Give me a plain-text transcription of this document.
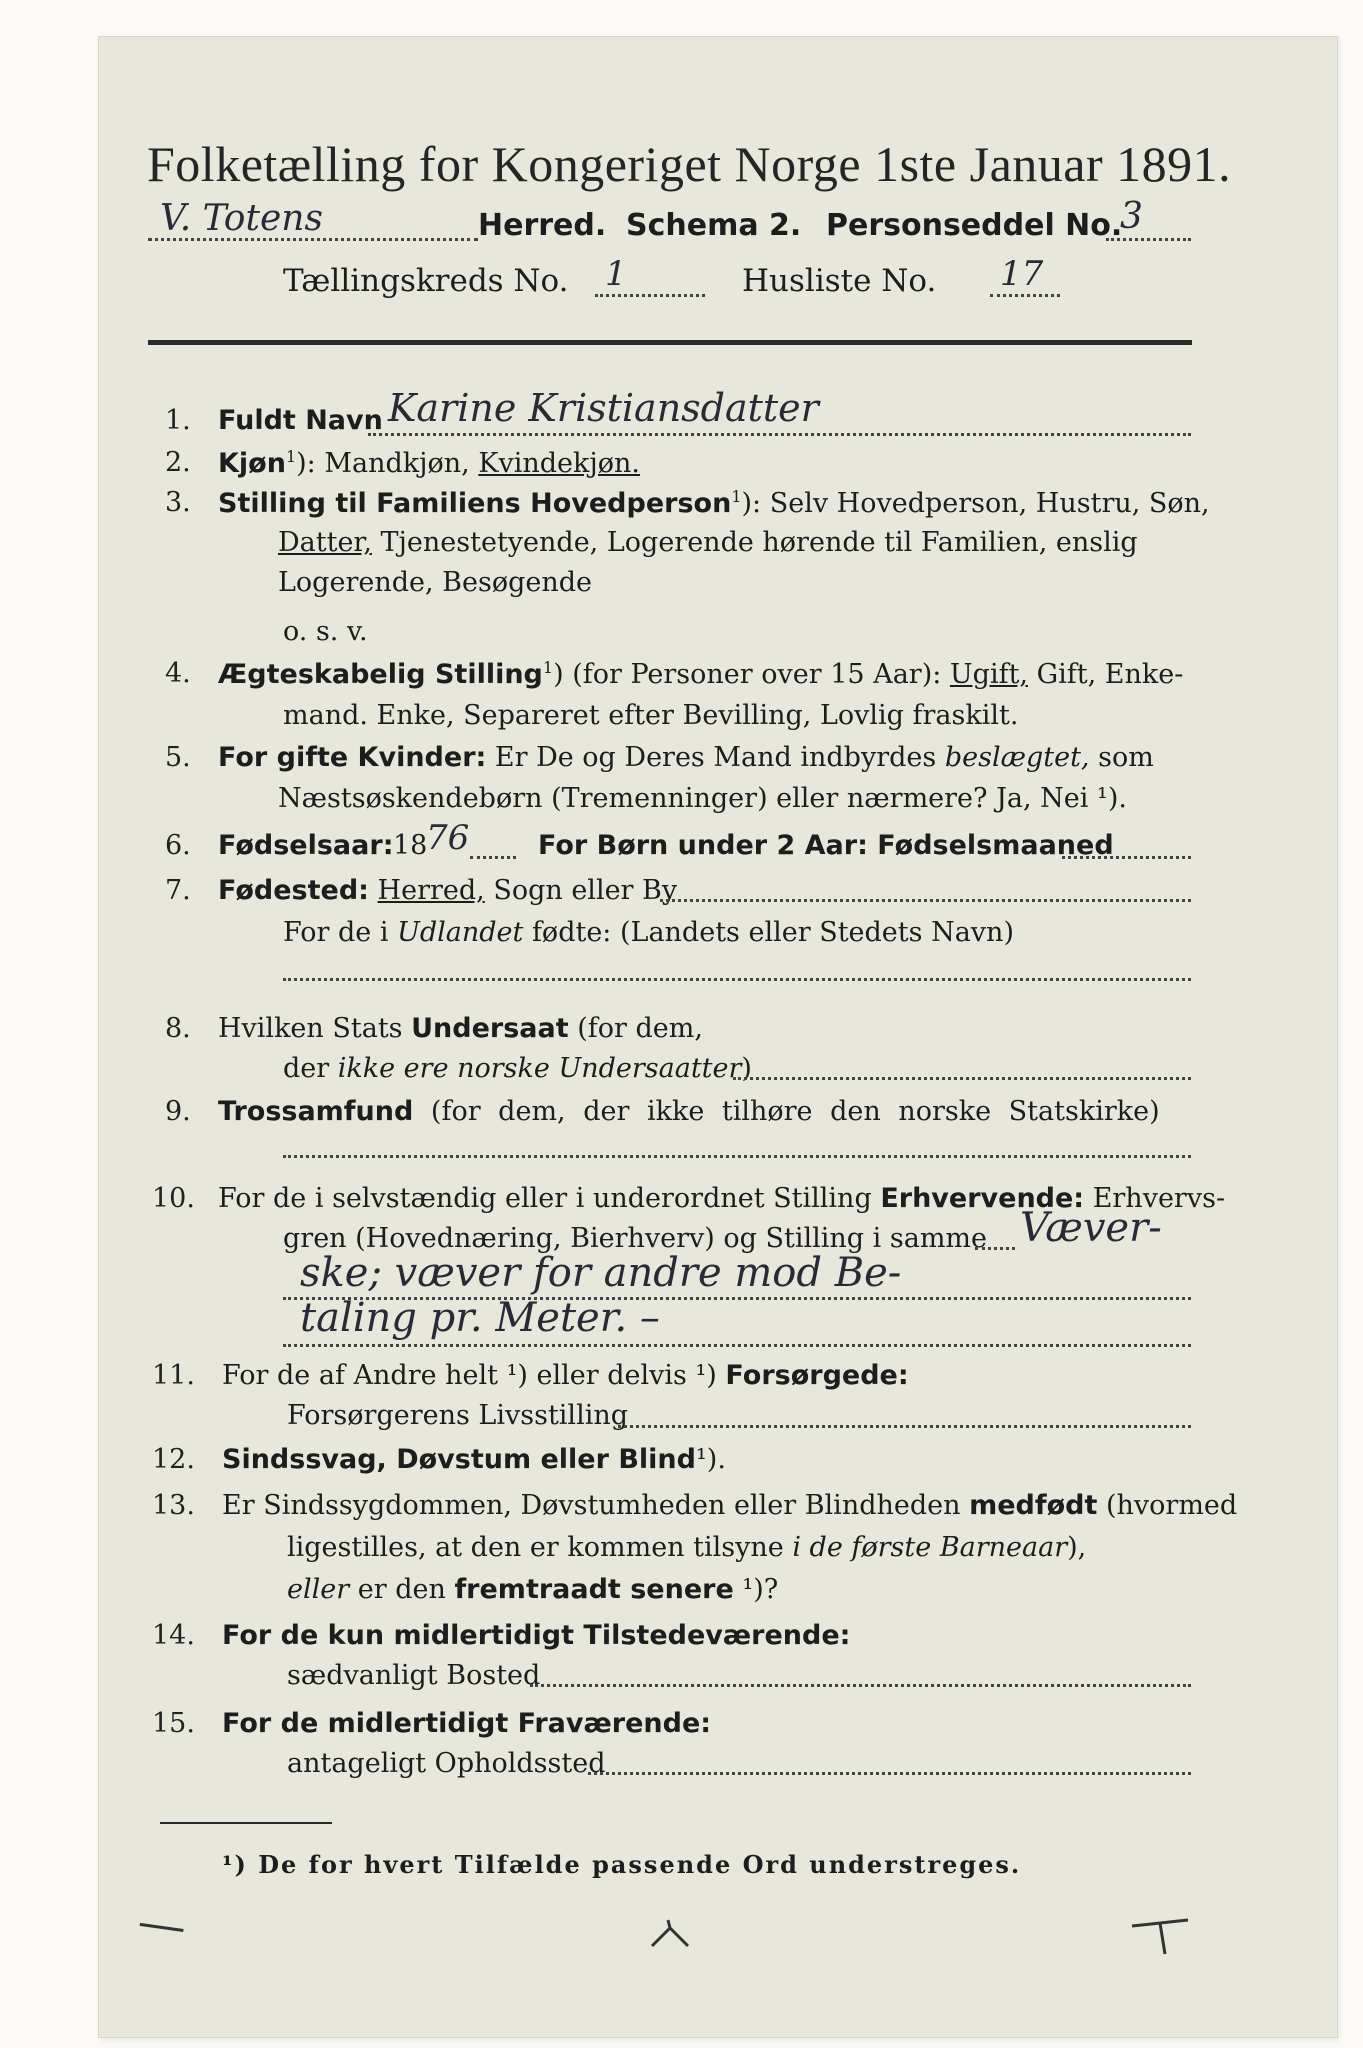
Folketælling for Kongeriget Norge 1ste Januar 1891.
V. Totens	Herred. Schema 2. Personseddel No.
3
Tællingskreds No. 1	Husliste No. 17
1. Fuldt Navn Karine Kristiansdatter
2. Kjøn$^1$): Mandkjøn, Kvindekjøn.
3. Stilling til Familiens Hovedperson$^1$): Selv Hovedperson, Hustru, Søn,
Datter, Tjenestetyende, Logerende hørende til Familien, enslig
Logerende, Besøgende
o. s. v.
4. Ægteskabelig Stilling$^1$) (for Personer over 15 Aar): Ugift, Gift, Enke-
mand. Enke, Separeret efter Bevilling, Lovlig fraskilt.
5. For gifte Kvinder: Er De og Deres Mand indbyrdes beslægtet, som
Næstsøskendebørn (Tremenninger) eller nærmere? Ja, Nei ¹).
6. Fødselsaar: 18
76	For Børn under 2 Aar: Fødselsmaaned
7. Fødested: Herred, Sogn eller By
For de i Udlandet fødte: (Landets eller Stedets Navn)
8. Hvilken Stats Undersaat (for dem,
der ikke ere norske Undersaatter)
9. Trossamfund (for dem, der ikke tilhøre den norske Statskirke)
10. For de i selvstændig eller i underordnet Stilling Erhvervende: Erhvervs-
gren (Hovednæring, Bierhverv) og Stilling i samme Væver-
ske; væver for andre mod Be-
taling pr. Meter. –
11. For de af Andre helt ¹) eller delvis ¹) Forsørgede:
Forsørgerens Livsstilling
12. Sindssvag, Døvstum eller Blind¹).
13. Er Sindssygdommen, Døvstumheden eller Blindheden medfødt (hvormed
ligestilles, at den er kommen tilsyne i de første Barneaar),
eller er den fremtraadt senere ¹)?
14. For de kun midlertidigt Tilstedeværende:
sædvanligt Bosted
15. For de midlertidigt Fraværende:
antageligt Opholdssted
¹) De for hvert Tilfælde passende Ord understreges.
